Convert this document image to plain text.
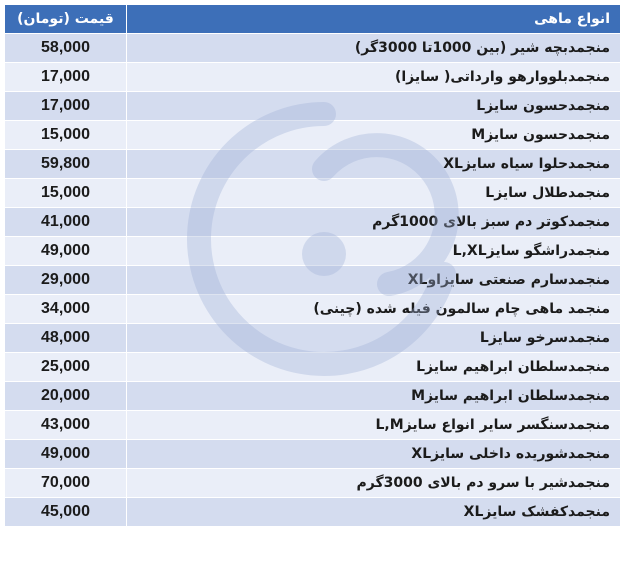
قیمت (تومان)	انواع ماهی
58,000	منجمدبچه شیر (بین 1000تا 3000گر)
17,000	منجمدبلووارهو وارداتی( سایزا)
17,000	منجمدحسون سایزL
15,000	منجمدحسون سایزM
59,800	منجمدحلوا سیاه سایزXL
15,000	منجمدطلال سایزL
41,000	منجمدکوتر دم سبز بالای 1000گرم
49,000	منجمدراشگو سایزL,XL
29,000	منجمدسارم صنعتی سایزاوXL
34,000	منجمد ماهی چام سالمون فیله شده (چینی)
48,000	منجمدسرخو سایزL
25,000	منجمدسلطان ابراهیم سایزL
20,000	منجمدسلطان ابراهیم سایزM
43,000	منجمدسنگسر سایر انواع سایزL,M
49,000	منجمدشوریده داخلی سایزXL
70,000	منجمدشیر با سرو دم بالای 3000گرم
45,000	منجمدکفشک سایزXL
